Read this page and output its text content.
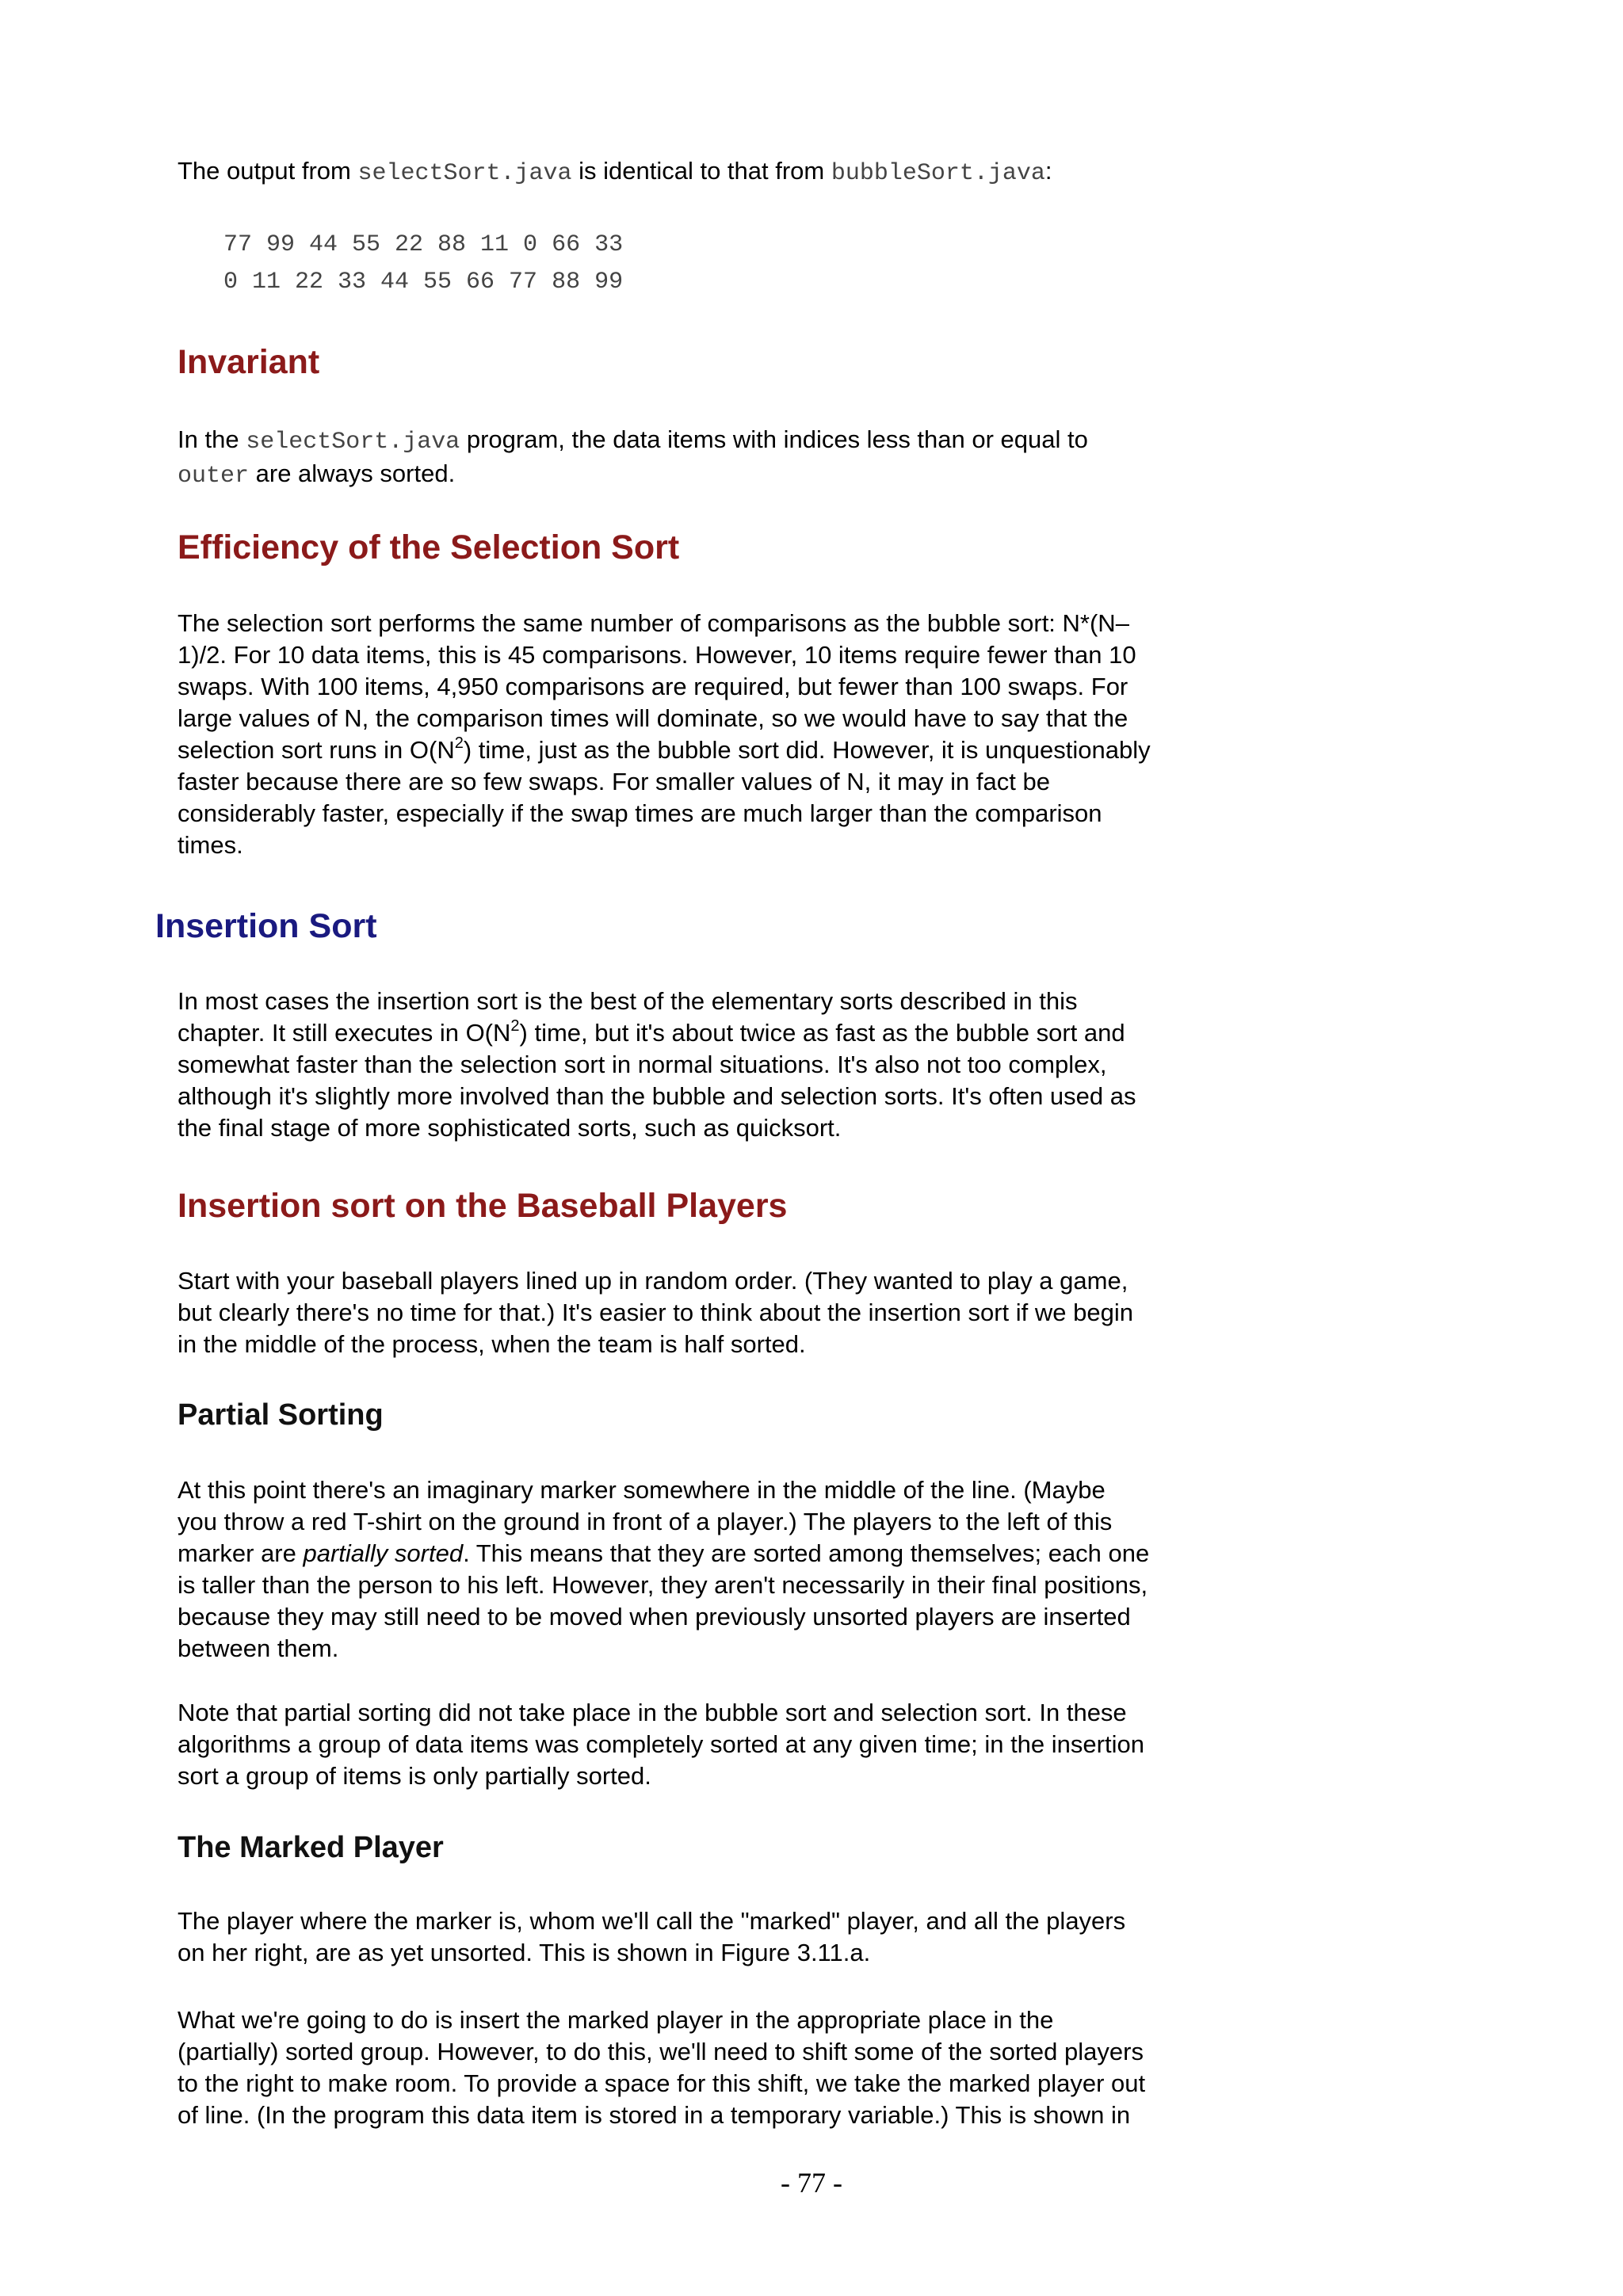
The output from selectSort.java is identical to that from bubbleSort.java:

77 99 44 55 22 88 11 0 66 33
0 11 22 33 44 55 66 77 88 99
Invariant

In the selectSort.java program, the data items with indices less than or equal to
outer are always sorted.

Efficiency of the Selection Sort

The selection sort performs the same number of comparisons as the bubble sort: N*(N–
1)/2. For 10 data items, this is 45 comparisons. However, 10 items require fewer than 10
swaps. With 100 items, 4,950 comparisons are required, but fewer than 100 swaps. For
large values of N, the comparison times will dominate, so we would have to say that the
selection sort runs in $O(N^2)$ time, just as the bubble sort did. However, it is unquestionably
faster because there are so few swaps. For smaller values of N, it may in fact be
considerably faster, especially if the swap times are much larger than the comparison
times.

Insertion Sort

In most cases the insertion sort is the best of the elementary sorts described in this
chapter. It still executes in $O(N^2)$ time, but it's about twice as fast as the bubble sort and
somewhat faster than the selection sort in normal situations. It's also not too complex,
although it's slightly more involved than the bubble and selection sorts. It's often used as
the final stage of more sophisticated sorts, such as quicksort.

Insertion sort on the Baseball Players

Start with your baseball players lined up in random order. (They wanted to play a game,
but clearly there's no time for that.) It's easier to think about the insertion sort if we begin
in the middle of the process, when the team is half sorted.

Partial Sorting

At this point there's an imaginary marker somewhere in the middle of the line. (Maybe
you throw a red T-shirt on the ground in front of a player.) The players to the left of this
marker are partially sorted. This means that they are sorted among themselves; each one
is taller than the person to his left. However, they aren't necessarily in their final positions,
because they may still need to be moved when previously unsorted players are inserted
between them.

Note that partial sorting did not take place in the bubble sort and selection sort. In these
algorithms a group of data items was completely sorted at any given time; in the insertion
sort a group of items is only partially sorted.

The Marked Player

The player where the marker is, whom we'll call the "marked" player, and all the players
on her right, are as yet unsorted. This is shown in Figure 3.11.a.

What we're going to do is insert the marked player in the appropriate place in the
(partially) sorted group. However, to do this, we'll need to shift some of the sorted players
to the right to make room. To provide a space for this shift, we take the marked player out
of line. (In the program this data item is stored in a temporary variable.) This is shown in

- 77 -
